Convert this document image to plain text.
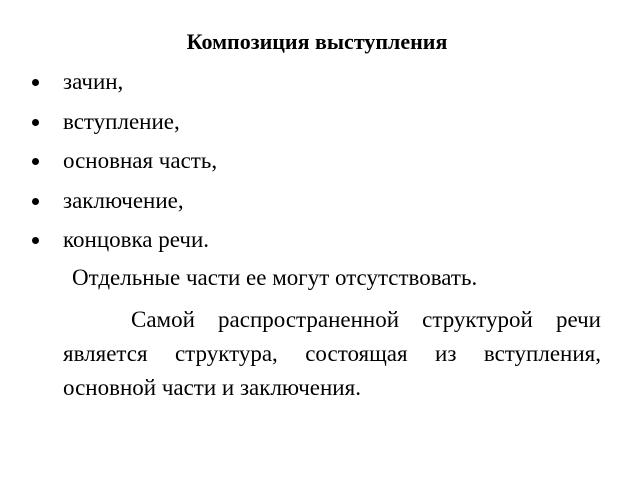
Композиция выступления
зачин,
вступление,
основная часть,
заключение,
концовка речи.
Отдельные части ее могут отсутствовать.
Самой распространенной структурой речи является структура, состоящая из вступления, основной части и заключения.
